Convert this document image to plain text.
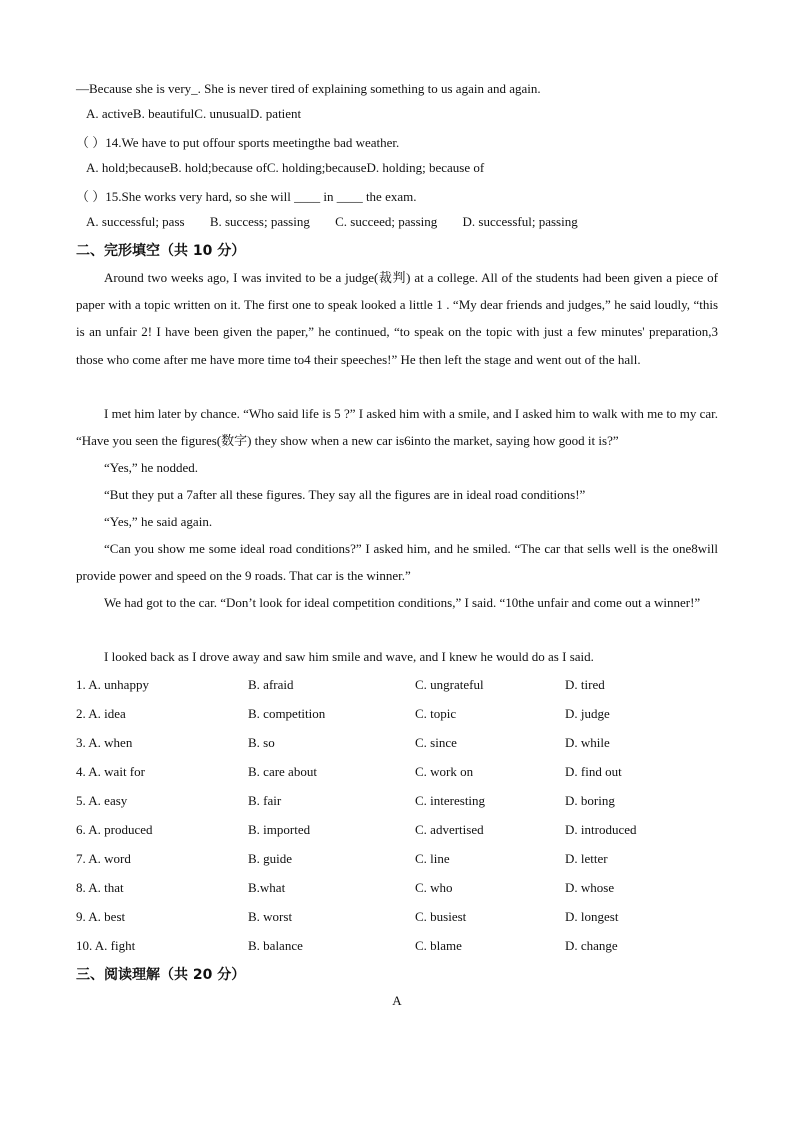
—Because she is very_. She is never tired of explaining something to us again and again.
A. activeB. beautifulC. unusualD. patient
（ ）14.We have to put offour sports meetingthe bad weather.
A. hold;becauseB. hold;because ofC. holding;becauseD. holding; because of
（ ）15.She works very hard, so she will ____ in ____ the exam.
A. successful; pass B. success; passing C. succeed; passing D. successful; passing
二、完形填空（共 10 分）
Around two weeks ago, I was invited to be a judge(裁判) at a college. All of the students had been given a piece of paper with a topic written on it. The first one to speak looked a little 1 . “My dear friends and judges,” he said loudly, “this is an unfair 2! I have been given the paper,” he continued, “to speak on the topic with just a few minutes' preparation,3 those who come after me have more time to4 their speeches!” He then left the stage and went out of the hall.
I met him later by chance. “Who said life is 5 ?” I asked him with a smile, and I asked him to walk with me to my car. “Have you seen the figures(数字) they show when a new car is6into the market, saying how good it is?”
“Yes,” he nodded.
“But they put a 7after all these figures. They say all the figures are in ideal road conditions!”
“Yes,” he said again.
“Can you show me some ideal road conditions?” I asked him, and he smiled. “The car that sells well is the one8will provide power and speed on the 9 roads. That car is the winner.”
We had got to the car. “Don’t look for ideal competition conditions,” I said. “10the unfair and come out a winner!”
I looked back as I drove away and saw him smile and wave, and I knew he would do as I said.
1. A. unhappy	B. afraid	C. ungrateful	D. tired
2. A. idea	B. competition	C. topic	D. judge
3. A. when	B. so	C. since	D. while
4. A. wait for	B. care about	C. work on	D. find out
5. A. easy	B. fair	C. interesting	D. boring
6. A. produced	B. imported	C. advertised	D. introduced
7. A. word	B. guide	C. line	D. letter
8. A. that	B.what	C. who	D. whose
9. A. best	B. worst	C. busiest	D. longest
10. A. fight	B. balance	C. blame	D. change
三、阅读理解（共 20 分）
A
